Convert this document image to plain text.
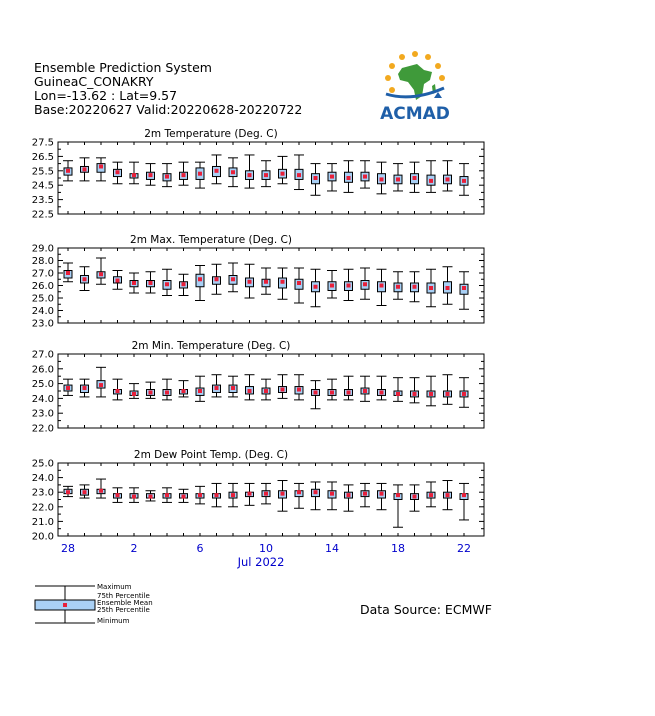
Ensemble Prediction System
GuineaC_CONAKRY
Lon=-13.62 : Lat=9.57
Base:20220627 Valid:20220628-20220722	ACMAD
2m Temperature (Deg. C)
27.5
26.5
25.5
24.5
23.5
22.5
2m Max. Temperature (Deg. C)
29.0
28.0
27.0
26.0
25.0
24.0
23.0
2m Min. Temperature (Deg. C)
27.0
26.0
25.0
24.0
23.0
22.0
2m Dew Point Temp. (Deg. C)
25.0
24.0
23.0
22.0
21.0
20.0
28	2	6	10	14	18	22
Jul 2022
Maximum
75th Percentile
Ensemble Mean
25th Percentile
Minimum
Data Source: ECMWF
